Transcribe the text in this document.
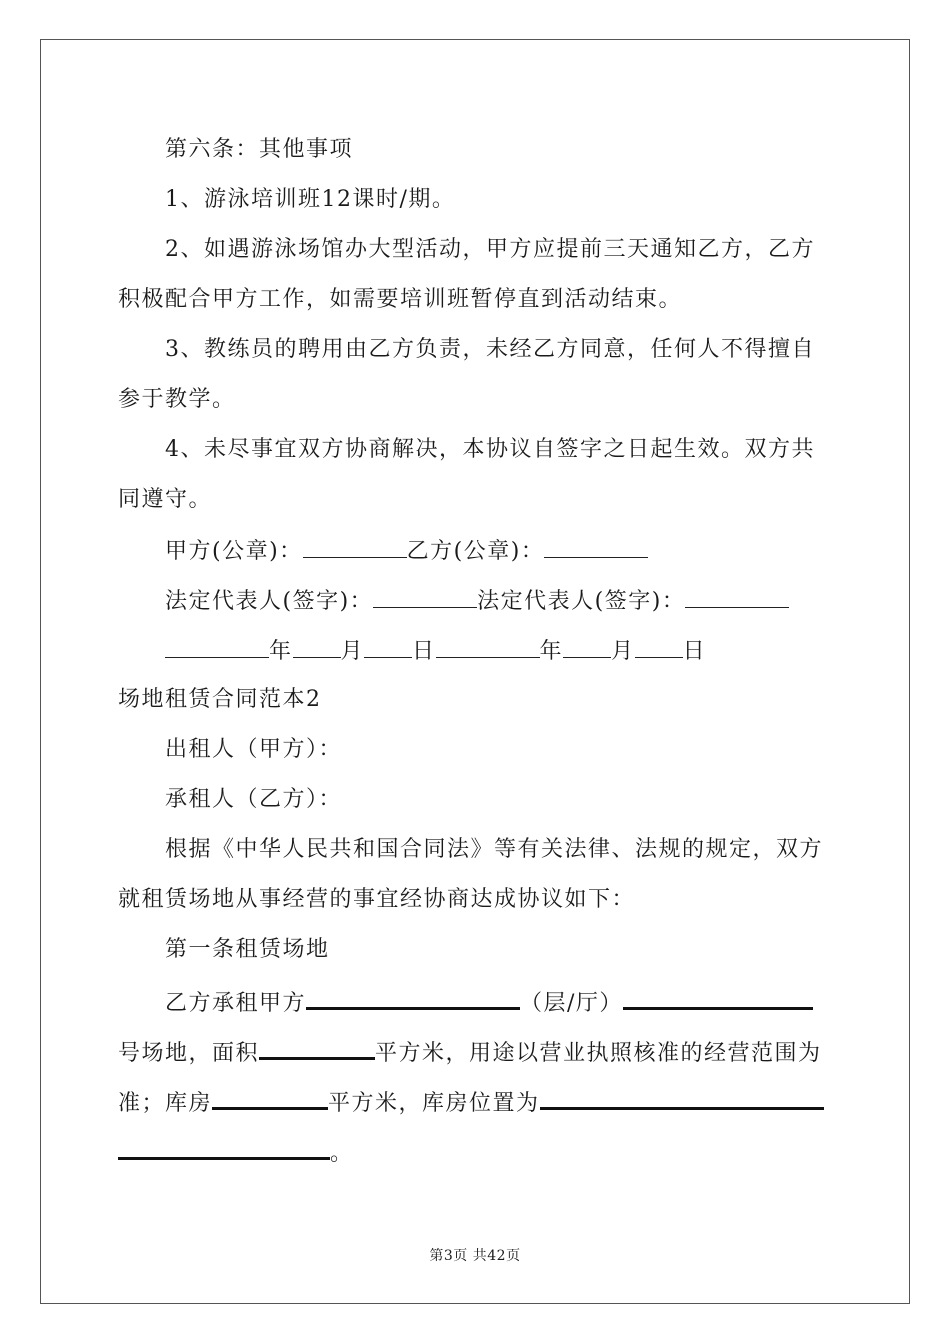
第六条：其他事项
1、游泳培训班12课时/期。
2、如遇游泳场馆办大型活动，甲方应提前三天通知乙方，乙方
积极配合甲方工作，如需要培训班暂停直到活动结束。
3、教练员的聘用由乙方负责，未经乙方同意，任何人不得擅自
参于教学。
4、未尽事宜双方协商解决，本协议自签字之日起生效。双方共
同遵守。
甲方(公章)：	乙方(公章)：
法定代表人(签字)：	法定代表人(签字)：
年 月 日	年 月 日
场地租赁合同范本2
出租人（甲方）：
承租人（乙方）：
根据《中华人民共和国合同法》等有关法律、法规的规定，双方
就租赁场地从事经营的事宜经协商达成协议如下：
第一条租赁场地
乙方承租甲方	（层/厅）
号场地，面积	平方米，用途以营业执照核准的经营范围为
准；库房	平方米，库房位置为
。
第3页 共42页
